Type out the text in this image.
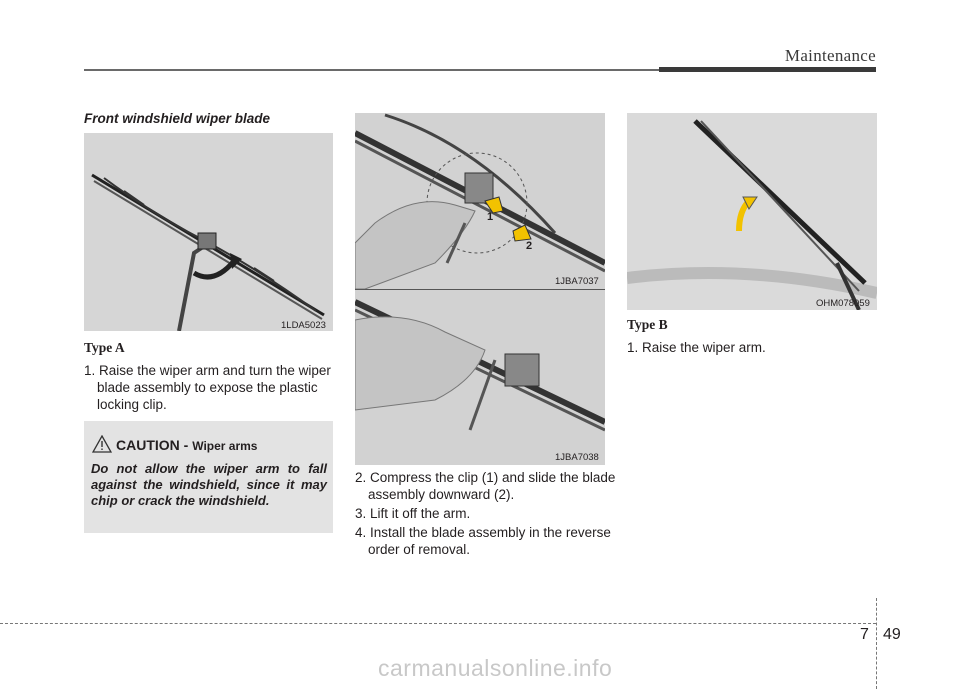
Maintenance
Front windshield wiper blade
1LDA5023
Type A
1. Raise the wiper arm and turn the wiper blade assembly to expose the plastic locking clip.
CAUTION - Wiper arms
Do not allow the wiper arm to fall against the windshield, since it may chip or crack the windshield.
1
2
1JBA7037
1JBA7038
2. Compress the clip (1) and slide the blade assembly downward (2).
3. Lift it off the arm.
4. Install the blade assembly in the reverse order of removal.
OHM078059
Type B
1. Raise the wiper arm.
7 49
carmanualsonline.info
